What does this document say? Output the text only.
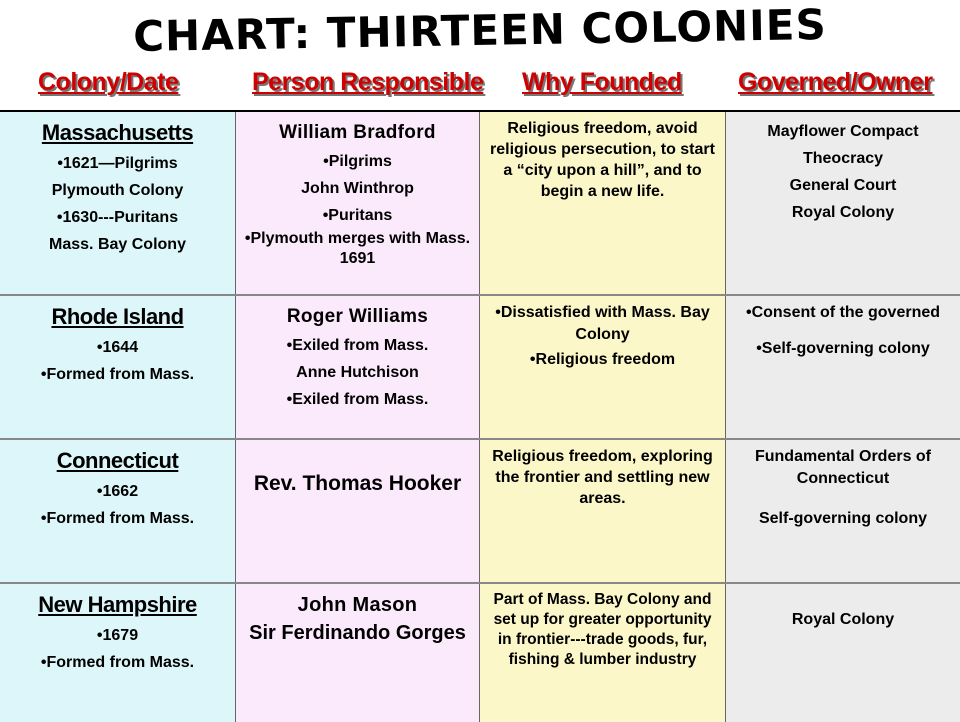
CHART: THIRTEEN COLONIES
Colony/Date	Person Responsible Why Founded Governed/Owner
Massachusetts
•1621—Pilgrims
Plymouth Colony
•1630---Puritans
Mass. Bay Colony
William Bradford
•Pilgrims
John Winthrop
•Puritans
•Plymouth merges with Mass. 1691
Religious freedom, avoid religious persecution, to start a “city upon a hill”, and to begin a new life.
Mayflower Compact
Theocracy
General Court
Royal Colony
Rhode Island
•1644
•Formed from Mass.
Roger Williams
•Exiled from Mass.
Anne Hutchison
•Exiled from Mass.
•Dissatisfied with Mass. Bay Colony
•Religious freedom
•Consent of the governed
•Self-governing colony
Connecticut
•1662
•Formed from Mass.
Rev. Thomas Hooker
Religious freedom, exploring the frontier and settling new areas.
Fundamental Orders of Connecticut
Self-governing colony
New Hampshire
•1679
•Formed from Mass.
John Mason
Sir Ferdinando Gorges
Part of Mass. Bay Colony and set up for greater opportunity in frontier---trade goods, fur, fishing & lumber industry
Royal Colony
